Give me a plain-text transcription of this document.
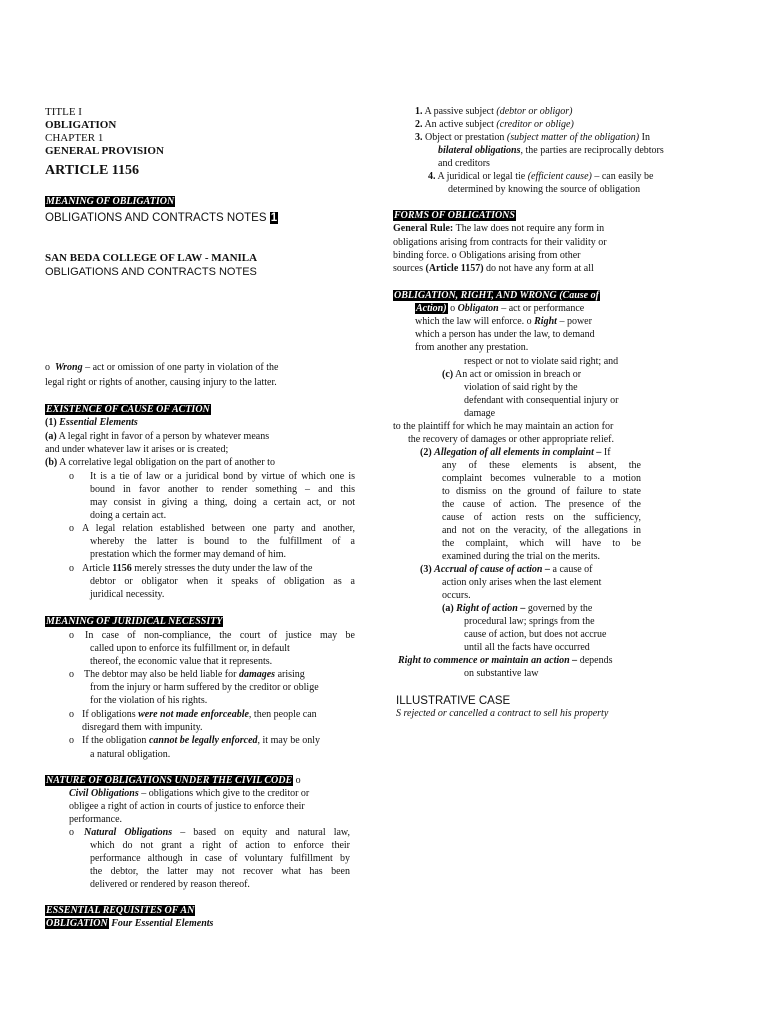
TITLE I
OBLIGATION
CHAPTER 1
GENERAL PROVISION
ARTICLE 1156
MEANING OF OBLIGATION
OBLIGATIONS AND CONTRACTS NOTES 1
SAN BEDA COLLEGE OF LAW - MANILA
OBLIGATIONS AND CONTRACTS NOTES
o Wrong – act or omission of one party in violation of the
legal right or rights of another, causing injury to the latter.
EXISTENCE OF CAUSE OF ACTION
(1) Essential Elements
(a) A legal right in favor of a person by whatever means
and under whatever law it arises or is created;
(b) A correlative legal obligation on the part of another to
o It is a tie of law or a juridical bond by virtue of which one is
bound in favor another to render something – and this
may consist in giving a thing, doing a certain act, or not
doing a certain act.
o A legal relation established between one party and another,
whereby the latter is bound to the fulfillment of a
prestation which the former may demand of him.
o Article 1156 merely stresses the duty under the law of the
debtor or obligator when it speaks of obligation as a
juridical necessity.
MEANING OF JURIDICAL NECESSITY
o In case of non-compliance, the court of justice may be
called upon to enforce its fulfillment or, in default
thereof, the economic value that it represents.
o The debtor may also be held liable for damages arising
from the injury or harm suffered by the creditor or oblige
for the violation of his rights.
o If obligations were not made enforceable, then people can
disregard them with impunity.
o If the obligation cannot be legally enforced, it may be only
a natural obligation.
NATURE OF OBLIGATIONS UNDER THE CIVIL CODE o
Civil Obligations – obligations which give to the creditor or
obligee a right of action in courts of justice to enforce their
performance.
o Natural Obligations – based on equity and natural law,
which do not grant a right of action to enforce their
performance although in case of voluntary fulfillment by
the debtor, the latter may not recover what has been
delivered or rendered by reason thereof.
ESSENTIAL REQUISITES OF AN
OBLIGATION Four Essential Elements
1. A passive subject (debtor or obligor)
2. An active subject (creditor or oblige)
3. Object or prestation (subject matter of the obligation) In
bilateral obligations, the parties are reciprocally debtors
and creditors
4. A juridical or legal tie (efficient cause) – can easily be
determined by knowing the source of obligation
FORMS OF OBLIGATIONS
General Rule: The law does not require any form in
obligations arising from contracts for their validity or
binding force. o Obligations arising from other
sources (Article 1157) do not have any form at all
OBLIGATION, RIGHT, AND WRONG (Cause of
Action) o Obligaton – act or performance
which the law will enforce. o Right – power
which a person has under the law, to demand
from another any prestation.
respect or not to violate said right; and
(c) An act or omission in breach or
violation of said right by the
defendant with consequential injury or
damage
to the plaintiff for which he may maintain an action for
the recovery of damages or other appropriate relief.
(2) Allegation of all elements in complaint – If
any of these elements is absent, the
complaint becomes vulnerable to a motion
to dismiss on the ground of failure to state
the cause of action. The presence of the
cause of action rests on the sufficiency,
and not on the veracity, of the allegations in
the complaint, which will have to be
examined during the trial on the merits.
(3) Accrual of cause of action – a cause of
action only arises when the last element
occurs.
(a) Right of action – governed by the
procedural law; springs from the
cause of action, but does not accrue
until all the facts have occurred
Right to commence or maintain an action – depends
on substantive law
ILLUSTRATIVE CASE
S rejected or cancelled a contract to sell his property
